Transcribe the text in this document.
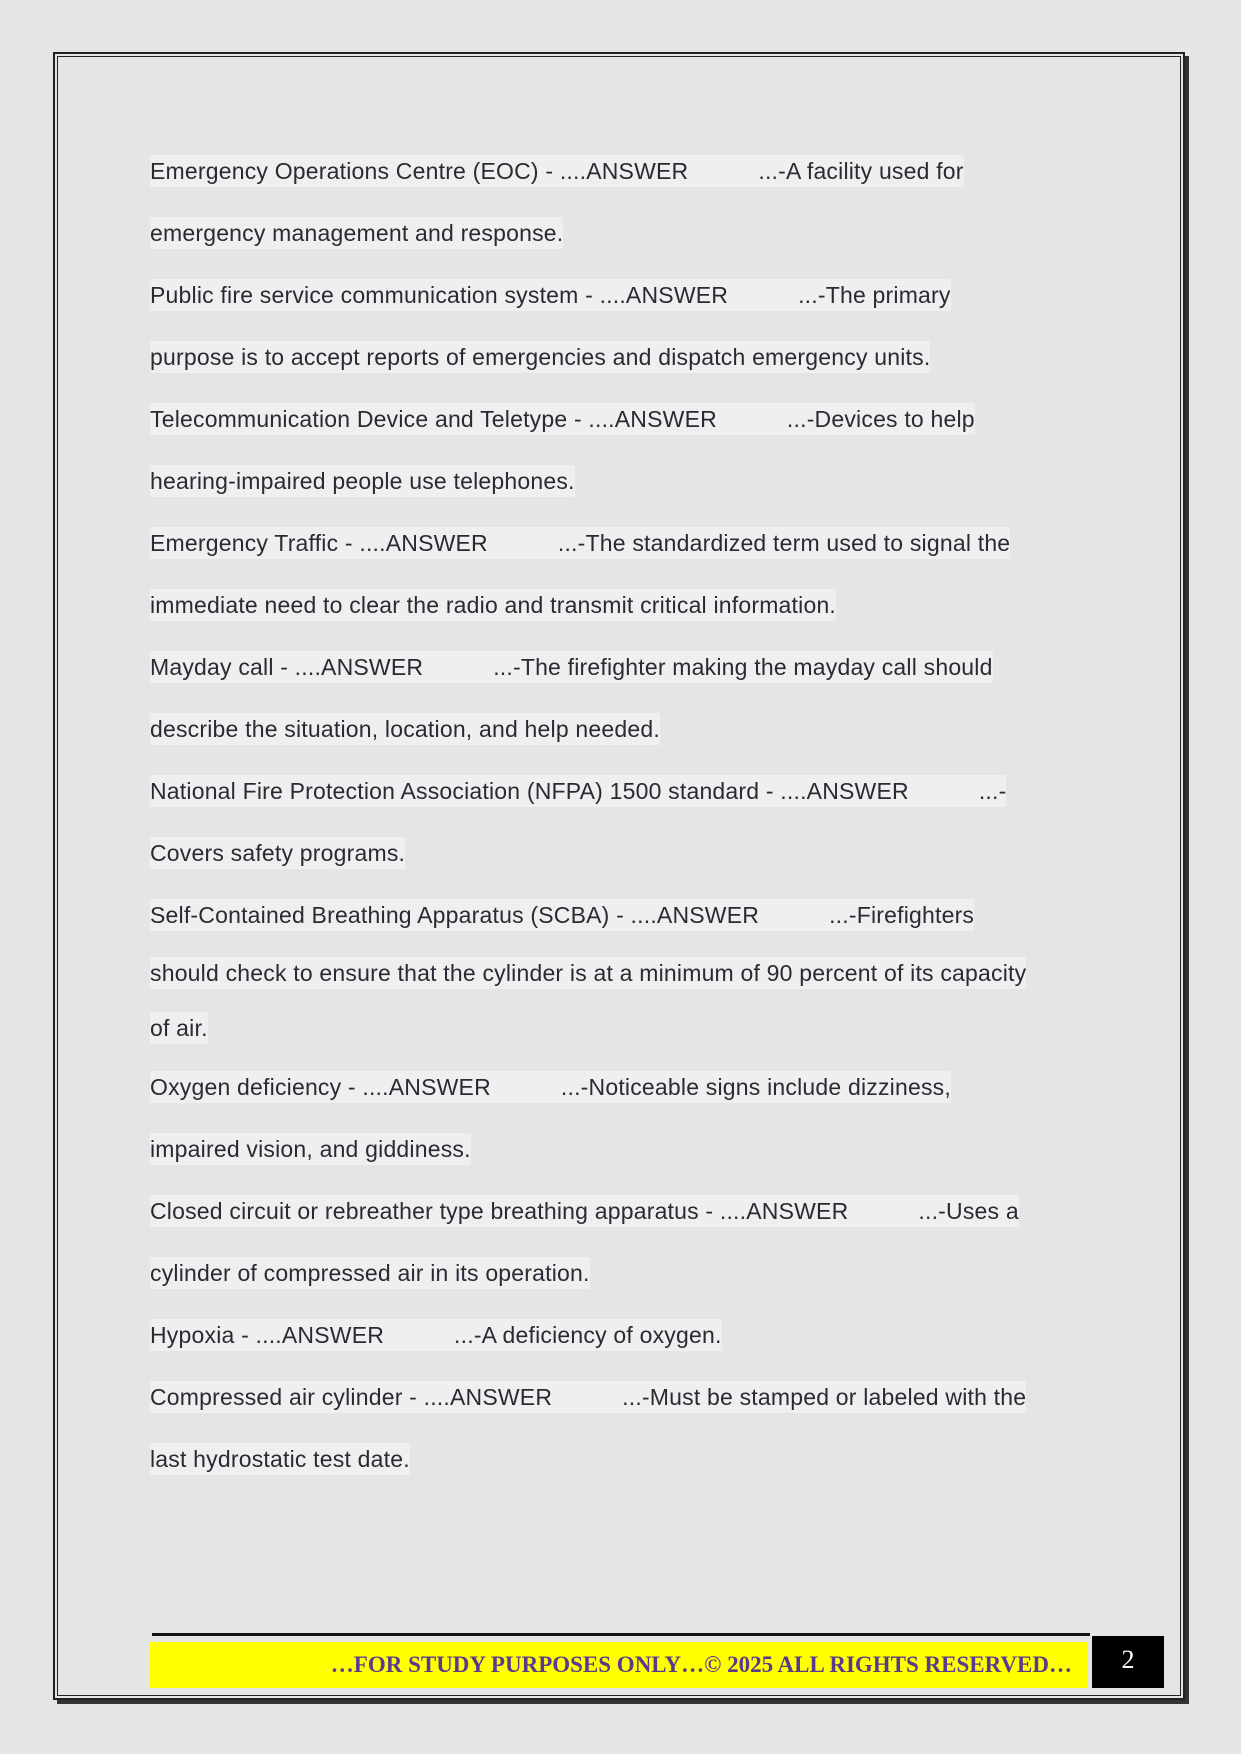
Emergency Operations Centre (EOC) - ....ANSWER	...-A facility used for
emergency management and response.
Public fire service communication system - ....ANSWER	...-The primary
purpose is to accept reports of emergencies and dispatch emergency units.
Telecommunication Device and Teletype - ....ANSWER	...-Devices to help
hearing-impaired people use telephones.
Emergency Traffic - ....ANSWER	...-The standardized term used to signal the
immediate need to clear the radio and transmit critical information.
Mayday call - ....ANSWER	...-The firefighter making the mayday call should
describe the situation, location, and help needed.
National Fire Protection Association (NFPA) 1500 standard - ....ANSWER	...-
Covers safety programs.
Self-Contained Breathing Apparatus (SCBA) - ....ANSWER	...-Firefighters
should check to ensure that the cylinder is at a minimum of 90 percent of its capacity
of air.
Oxygen deficiency - ....ANSWER	...-Noticeable signs include dizziness,
impaired vision, and giddiness.
Closed circuit or rebreather type breathing apparatus - ....ANSWER	...-Uses a
cylinder of compressed air in its operation.
Hypoxia - ....ANSWER	...-A deficiency of oxygen.
Compressed air cylinder - ....ANSWER	...-Must be stamped or labeled with the
last hydrostatic test date.
…FOR STUDY PURPOSES ONLY…© 2025 ALL RIGHTS RESERVED…	2
